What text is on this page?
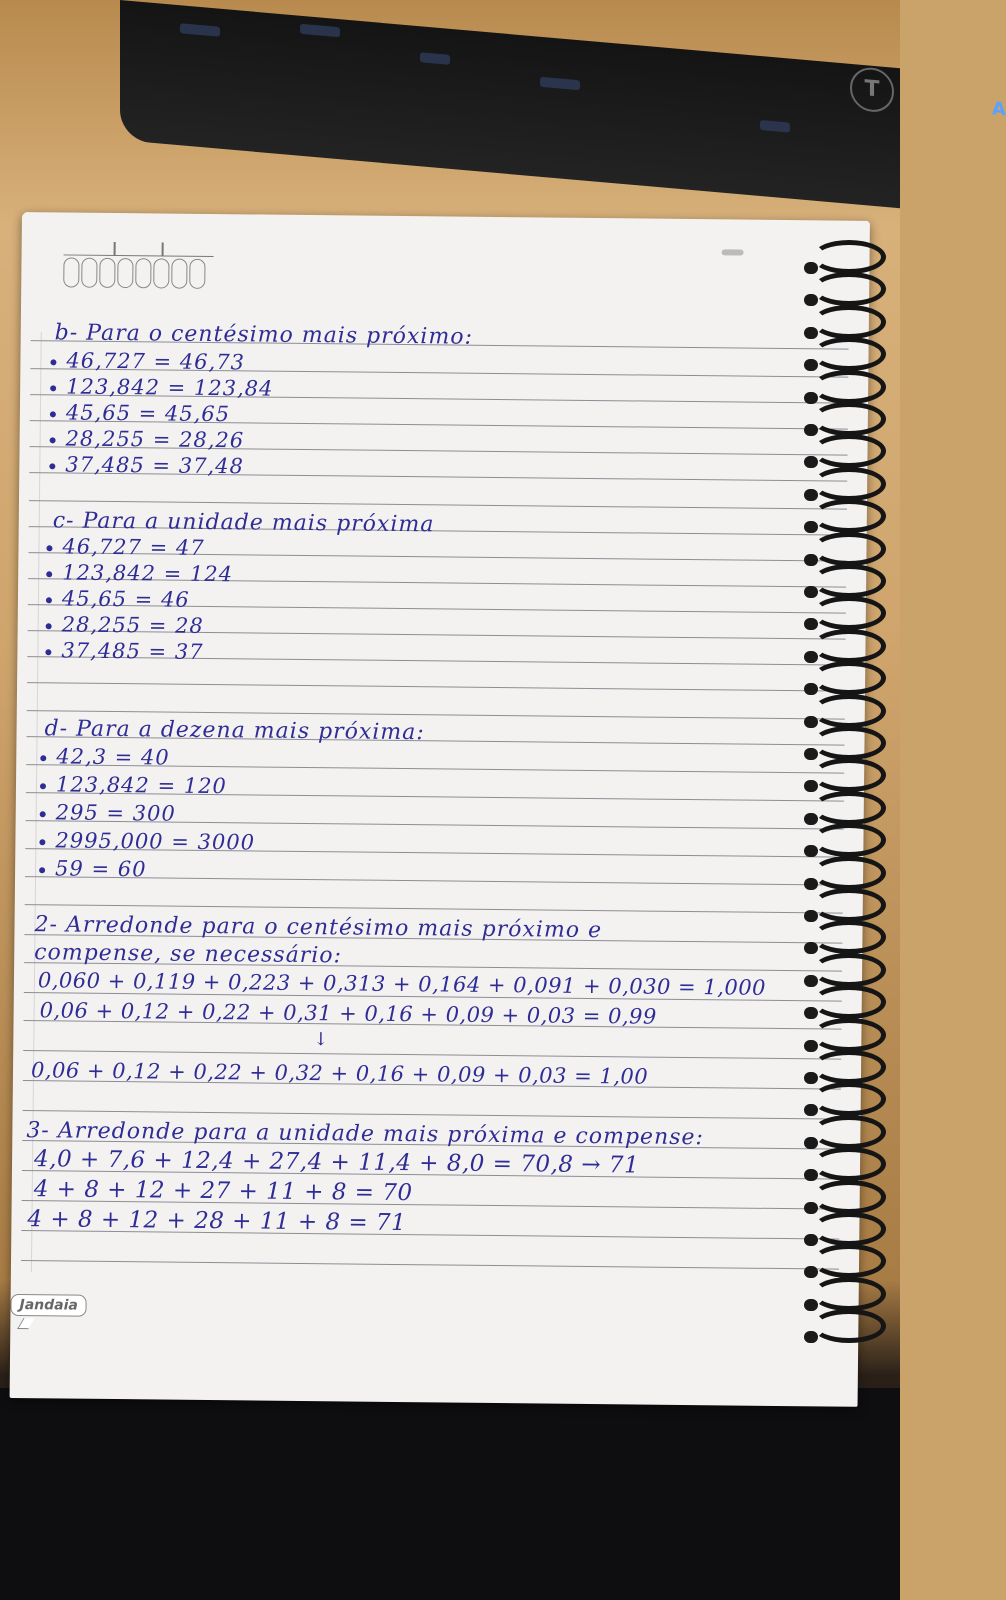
T
A
b- Para o centésimo mais próximo:
46,727 = 46,73
123,842 = 123,84
45,65 = 45,65
28,255 = 28,26
37,485 = 37,48
c- Para a unidade mais próxima
46,727 = 47
123,842 = 124
45,65 = 46
28,255 = 28
37,485 = 37
d- Para a dezena mais próxima:
42,3 = 40
123,842 = 120
295 = 300
2995,000 = 3000
59 = 60
2- Arredonde para o centésimo mais próximo e
compense, se necessário:
0,060 + 0,119 + 0,223 + 0,313 + 0,164 + 0,091 + 0,030 = 1,000
0,06 + 0,12 + 0,22 + 0,31 + 0,16 + 0,09 + 0,03 = 0,99
↓
0,06 + 0,12 + 0,22 + 0,32 + 0,16 + 0,09 + 0,03 = 1,00
3- Arredonde para a unidade mais próxima e compense:
4,0 + 7,6 + 12,4 + 27,4 + 11,4 + 8,0 = 70,8 → 71
4 + 8 + 12 + 27 + 11 + 8 = 70
4 + 8 + 12 + 28 + 11 + 8 = 71
Jandaia
